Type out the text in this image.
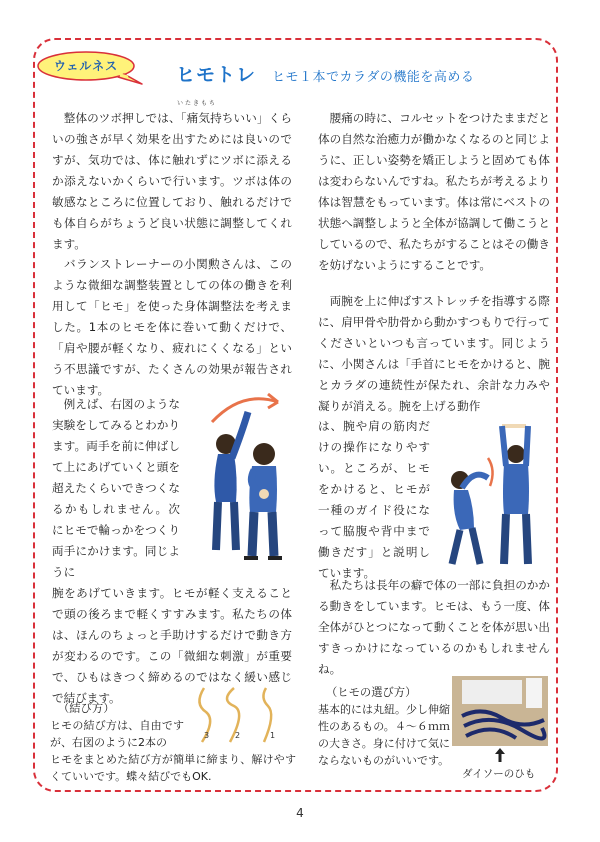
ウェルネス	ヒモトレ ヒモ１本でカラダの機能を高める
いたきもち

　整体のツボ押しでは、「痛気持ちいい」くらいの強さが早く効果を出すためには良いのですが、気功では、体に触れずにツボに添えるか添えないかくらいで行います。ツボは体の敏感なところに位置しており、触れるだけでも体自らがちょうど良い状態に調整してくれます。

　バランストレーナーの小関勲さんは、このような微細な調整装置としての体の働きを利用して「ヒモ」を使った身体調整法を考えました。1本のヒモを体に巻いて動くだけで、「肩や腰が軽くなり、疲れにくくなる」という不思議ですが、たくさんの効果が報告されています。

　例えば、右図のような実験をしてみるとわかります。両手を前に伸ばして上にあげていくと頭を超えたくらいできつくなるかもしれません。次にヒモで輪っかをつくり両手にかけます。同じように

腕をあげていきます。ヒモが軽く支えることで頭の後ろまで軽くすすみます。私たちの体は、ほんのちょっと手助けするだけで動き方が変わるのです。この「微細な刺激」が重要で、ひもはきつく締めるのではなく緩い感じで結びます。

（結び方）

ヒモの結び方は、自由ですが、右図のように2本の

ヒモをまとめた結び方が簡単に締まり、解けやすくていいです。蝶々結びでもOK.

3	2	1

　腰痛の時に、コルセットをつけたままだと体の自然な治癒力が働かなくなるのと同じように、正しい姿勢を矯正しようと固めても体は変わらないんですね。私たちが考えるより体は智慧をもっています。体は常にベストの状態へ調整しようと全体が協調して働こうとしているので、私たちがすることはその働きを妨げないようにすることです。

　両腕を上に伸ばすストレッチを指導する際に、肩甲骨や肋骨から動かすつもりで行ってくださいといつも言っています。同じように、小関さんは「手首にヒモをかけると、腕とカラダの連続性が保たれ、余計な力みや凝りが消える。腕を上げる動作

は、腕や肩の筋肉だけの操作になりやすい。ところが、ヒモをかけると、ヒモが一種のガイド役になって脇腹や背中まで働きだす」と説明しています。

　私たちは長年の癖で体の一部に負担のかかる動きをしています。ヒモは、もう一度、体全体がひとつになって動くことを体が思い出すきっかけになっているのかもしれませんね。

（ヒモの選び方）

基本的には丸紐。少し伸縮性のあるもの。４～６ｍｍの大きさ。身に付けて気にならないものがいいです。

ダイソーのひも
4
